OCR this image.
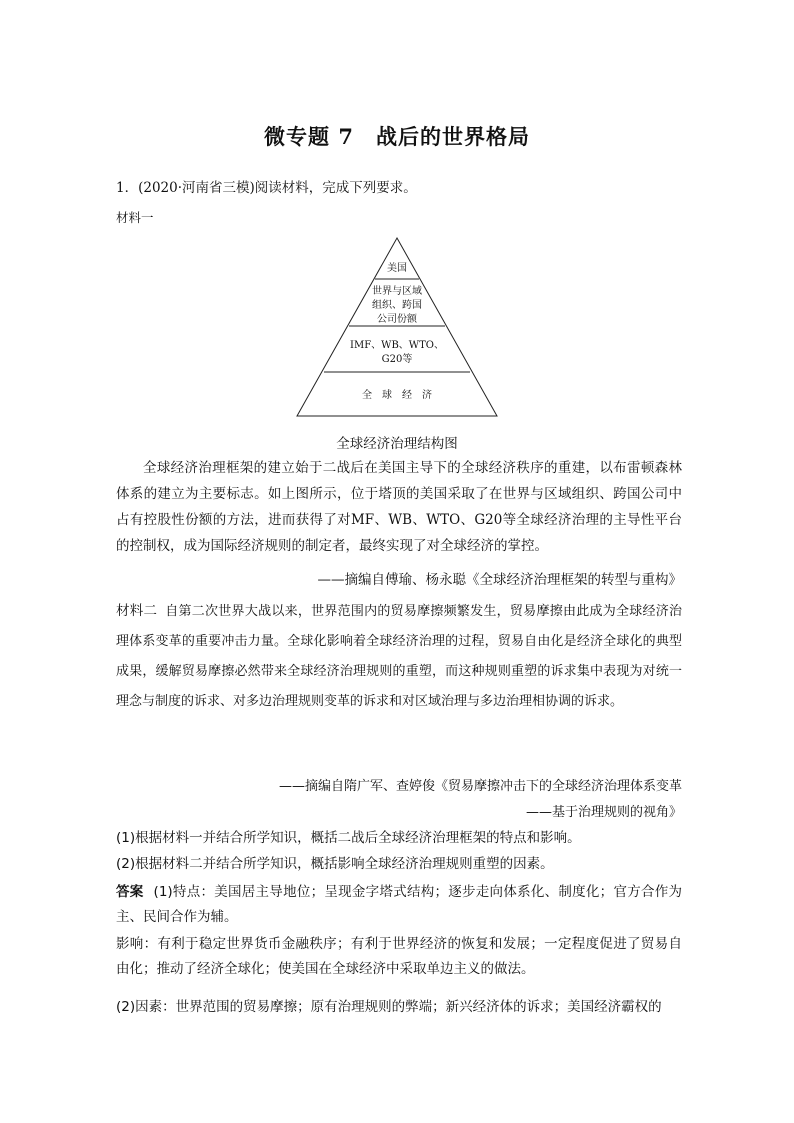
微专题 7　战后的世界格局
1．(2020·河南省三模)阅读材料，完成下列要求。
材料一
美国
世界与区域
组织、跨国
公司份额
IMF、WB、WTO、
G20等
全　球　经　济
全球经济治理结构图
全球经济治理框架的建立始于二战后在美国主导下的全球经济秩序的重建，以布雷顿森林体系的建立为主要标志。如上图所示，位于塔顶的美国采取了在世界与区域组织、跨国公司中占有控股性份额的方法，进而获得了对MF、WB、WTO、G20等全球经济治理的主导性平台的控制权，成为国际经济规则的制定者，最终实现了对全球经济的掌控。
——摘编自傅瑜、杨永聪《全球经济治理框架的转型与重构》
材料二 自第二次世界大战以来，世界范围内的贸易摩擦频繁发生，贸易摩擦由此成为全球经济治理体系变革的重要冲击力量。全球化影响着全球经济治理的过程，贸易自由化是经济全球化的典型成果，缓解贸易摩擦必然带来全球经济治理规则的重塑，而这种规则重塑的诉求集中表现为对统一理念与制度的诉求、对多边治理规则变革的诉求和对区域治理与多边治理相协调的诉求。
——摘编自隋广军、查婷俊《贸易摩擦冲击下的全球经济治理体系变革
——基于治理规则的视角》
(1)根据材料一并结合所学知识，概括二战后全球经济治理框架的特点和影响。
(2)根据材料二并结合所学知识，概括影响全球经济治理规则重塑的因素。
答案 (1)特点：美国居主导地位；呈现金字塔式结构；逐步走向体系化、制度化；官方合作为主、民间合作为辅。
影响：有利于稳定世界货币金融秩序；有利于世界经济的恢复和发展；一定程度促进了贸易自由化；推动了经济全球化；使美国在全球经济中采取单边主义的做法。
(2)因素：世界范围的贸易摩擦；原有治理规则的弊端；新兴经济体的诉求；美国经济霸权的
